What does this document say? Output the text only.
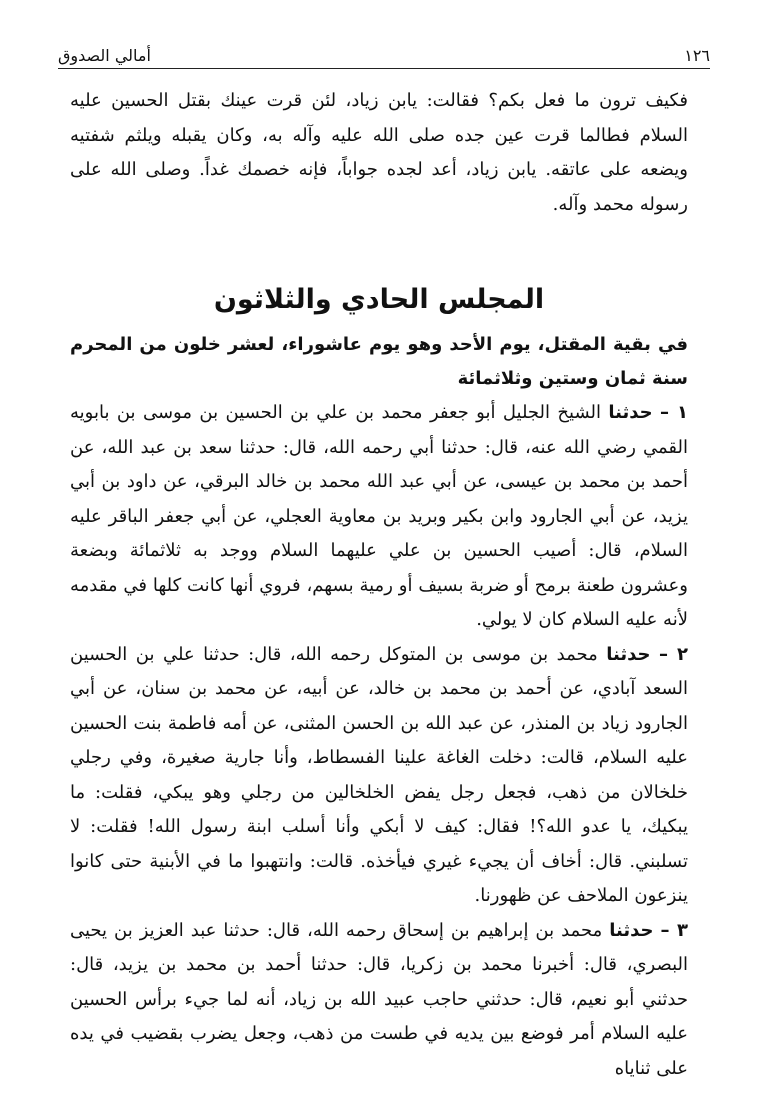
١٢٦
أمالي الصدوق

فكيف ترون ما فعل بكم؟ فقالت: يابن زياد، لئن قرت عينك بقتل الحسين عليه السلام فطالما قرت عين جده صلى الله عليه وآله به، وكان يقبله ويلثم شفتيه ويضعه على عاتقه. يابن زياد، أعد لجده جواباً، فإنه خصمك غداً. وصلى الله على رسوله محمد وآله.

المجلس الحادي والثلاثون
في بقية المقتل، يوم الأحد وهو يوم عاشوراء، لعشر خلون من المحرم سنة ثمان وستين وثلاثمائة

١ – حدثنا الشيخ الجليل أبو جعفر محمد بن علي بن الحسين بن موسى بن بابويه القمي رضي الله عنه، قال: حدثنا أبي رحمه الله، قال: حدثنا سعد بن عبد الله، عن أحمد بن محمد بن عيسى، عن أبي عبد الله محمد بن خالد البرقي، عن داود بن أبي يزيد، عن أبي الجارود وابن بكير وبريد بن معاوية العجلي، عن أبي جعفر الباقر عليه السلام، قال: أصيب الحسين بن علي عليهما السلام ووجد به ثلاثمائة وبضعة وعشرون طعنة برمح أو ضربة بسيف أو رمية بسهم، فروي أنها كانت كلها في مقدمه لأنه عليه السلام كان لا يولي.

٢ – حدثنا محمد بن موسى بن المتوكل رحمه الله، قال: حدثنا علي بن الحسين السعد آبادي، عن أحمد بن محمد بن خالد، عن أبيه، عن محمد بن سنان، عن أبي الجارود زياد بن المنذر، عن عبد الله بن الحسن المثنى، عن أمه فاطمة بنت الحسين عليه السلام، قالت: دخلت الغاغة علينا الفسطاط، وأنا جارية صغيرة، وفي رجلي خلخالان من ذهب، فجعل رجل يفض الخلخالين من رجلي وهو يبكي، فقلت: ما يبكيك، يا عدو الله؟! فقال: كيف لا أبكي وأنا أسلب ابنة رسول الله! فقلت: لا تسلبني. قال: أخاف أن يجيء غيري فيأخذه. قالت: وانتهبوا ما في الأبنية حتى كانوا ينزعون الملاحف عن ظهورنا.

٣ – حدثنا محمد بن إبراهيم بن إسحاق رحمه الله، قال: حدثنا عبد العزيز بن يحيى البصري، قال: أخبرنا محمد بن زكريا، قال: حدثنا أحمد بن محمد بن يزيد، قال: حدثني أبو نعيم، قال: حدثني حاجب عبيد الله بن زياد، أنه لما جيء برأس الحسين عليه السلام أمر فوضع بين يديه في طست من ذهب، وجعل يضرب بقضيب في يده على ثناياه
